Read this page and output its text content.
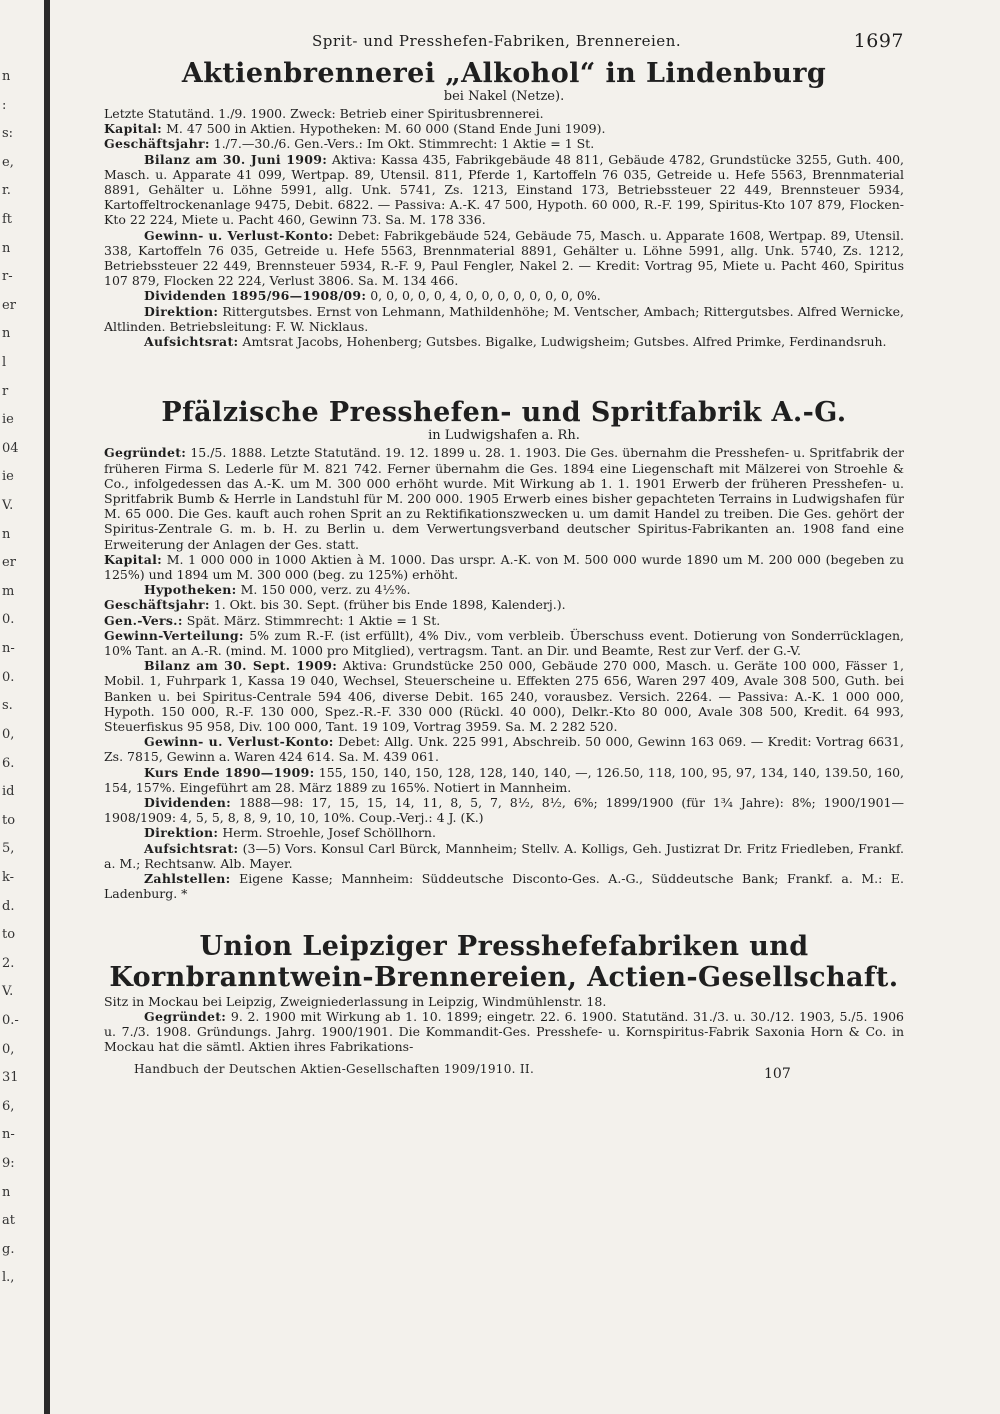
n
:
s:
e,
r.
ft
n
r-
er
n
l
r
ie
04
ie
V.
n
er
m
0.
n-
0.
s.
0,
6.
id
to
5,
k-
d.
to
2.
V.
0.-
0,
31
6,
n-
9:
n
at
g.
l.,
Sprit- und Presshefen-Fabriken, Brennereien.	1697
Aktienbrennerei „Alkohol“ in Lindenburg
bei Nakel (Netze).

Letzte Statutänd. 1./9. 1900. Zweck: Betrieb einer Spiritusbrennerei.

Kapital: M. 47 500 in Aktien. Hypotheken: M. 60 000 (Stand Ende Juni 1909).

Geschäftsjahr: 1./7.—30./6. Gen.-Vers.: Im Okt. Stimmrecht: 1 Aktie = 1 St.

Bilanz am 30. Juni 1909: Aktiva: Kassa 435, Fabrikgebäude 48 811, Gebäude 4782, Grundstücke 3255, Guth. 400, Masch. u. Apparate 41 099, Wertpap. 89, Utensil. 811, Pferde 1, Kartoffeln 76 035, Getreide u. Hefe 5563, Brennmaterial 8891, Gehälter u. Löhne 5991, allg. Unk. 5741, Zs. 1213, Einstand 173, Betriebssteuer 22 449, Brennsteuer 5934, Kartoffeltrockenanlage 9475, Debit. 6822. — Passiva: A.-K. 47 500, Hypoth. 60 000, R.-F. 199, Spiritus-Kto 107 879, Flocken-Kto 22 224, Miete u. Pacht 460, Gewinn 73. Sa. M. 178 336.

Gewinn- u. Verlust-Konto: Debet: Fabrikgebäude 524, Gebäude 75, Masch. u. Apparate 1608, Wertpap. 89, Utensil. 338, Kartoffeln 76 035, Getreide u. Hefe 5563, Brennmaterial 8891, Gehälter u. Löhne 5991, allg. Unk. 5740, Zs. 1212, Betriebssteuer 22 449, Brennsteuer 5934, R.-F. 9, Paul Fengler, Nakel 2. — Kredit: Vortrag 95, Miete u. Pacht 460, Spiritus 107 879, Flocken 22 224, Verlust 3806. Sa. M. 134 466.

Dividenden 1895/96—1908/09: 0, 0, 0, 0, 0, 4, 0, 0, 0, 0, 0, 0, 0, 0%.

Direktion: Rittergutsbes. Ernst von Lehmann, Mathildenhöhe; M. Ventscher, Ambach; Rittergutsbes. Alfred Wernicke, Altlinden. Betriebsleitung: F. W. Nicklaus.

Aufsichtsrat: Amtsrat Jacobs, Hohenberg; Gutsbes. Bigalke, Ludwigsheim; Gutsbes. Alfred Primke, Ferdinandsruh.

Pfälzische Presshefen- und Spritfabrik A.-G.
in Ludwigshafen a. Rh.

Gegründet: 15./5. 1888. Letzte Statutänd. 19. 12. 1899 u. 28. 1. 1903. Die Ges. übernahm die Presshefen- u. Spritfabrik der früheren Firma S. Lederle für M. 821 742. Ferner übernahm die Ges. 1894 eine Liegenschaft mit Mälzerei von Stroehle & Co., infolgedessen das A.-K. um M. 300 000 erhöht wurde. Mit Wirkung ab 1. 1. 1901 Erwerb der früheren Presshefen- u. Spritfabrik Bumb & Herrle in Landstuhl für M. 200 000. 1905 Erwerb eines bisher gepachteten Terrains in Ludwigshafen für M. 65 000. Die Ges. kauft auch rohen Sprit an zu Rektifikationszwecken u. um damit Handel zu treiben. Die Ges. gehört der Spiritus-Zentrale G. m. b. H. zu Berlin u. dem Verwertungsverband deutscher Spiritus-Fabrikanten an. 1908 fand eine Erweiterung der Anlagen der Ges. statt.

Kapital: M. 1 000 000 in 1000 Aktien à M. 1000. Das urspr. A.-K. von M. 500 000 wurde 1890 um M. 200 000 (begeben zu 125%) und 1894 um M. 300 000 (beg. zu 125%) erhöht.

Hypotheken: M. 150 000, verz. zu 4½%.

Geschäftsjahr: 1. Okt. bis 30. Sept. (früher bis Ende 1898, Kalenderj.).

Gen.-Vers.: Spät. März. Stimmrecht: 1 Aktie = 1 St.

Gewinn-Verteilung: 5% zum R.-F. (ist erfüllt), 4% Div., vom verbleib. Überschuss event. Dotierung von Sonderrücklagen, 10% Tant. an A.-R. (mind. M. 1000 pro Mitglied), vertragsm. Tant. an Dir. und Beamte, Rest zur Verf. der G.-V.

Bilanz am 30. Sept. 1909: Aktiva: Grundstücke 250 000, Gebäude 270 000, Masch. u. Geräte 100 000, Fässer 1, Mobil. 1, Fuhrpark 1, Kassa 19 040, Wechsel, Steuerscheine u. Effekten 275 656, Waren 297 409, Avale 308 500, Guth. bei Banken u. bei Spiritus-Centrale 594 406, diverse Debit. 165 240, vorausbez. Versich. 2264. — Passiva: A.-K. 1 000 000, Hypoth. 150 000, R.-F. 130 000, Spez.-R.-F. 330 000 (Rückl. 40 000), Delkr.-Kto 80 000, Avale 308 500, Kredit. 64 993, Steuerfiskus 95 958, Div. 100 000, Tant. 19 109, Vortrag 3959. Sa. M. 2 282 520.

Gewinn- u. Verlust-Konto: Debet: Allg. Unk. 225 991, Abschreib. 50 000, Gewinn 163 069. — Kredit: Vortrag 6631, Zs. 7815, Gewinn a. Waren 424 614. Sa. M. 439 061.

Kurs Ende 1890—1909: 155, 150, 140, 150, 128, 128, 140, 140, —, 126.50, 118, 100, 95, 97, 134, 140, 139.50, 160, 154, 157%. Eingeführt am 28. März 1889 zu 165%. Notiert in Mannheim.

Dividenden: 1888—98: 17, 15, 15, 14, 11, 8, 5, 7, 8½, 8½, 6%; 1899/1900 (für 1¾ Jahre): 8%; 1900/1901—1908/1909: 4, 5, 5, 8, 8, 9, 10, 10, 10%. Coup.-Verj.: 4 J. (K.)

Direktion: Herm. Stroehle, Josef Schöllhorn.

Aufsichtsrat: (3—5) Vors. Konsul Carl Bürck, Mannheim; Stellv. A. Kolligs, Geh. Justizrat Dr. Fritz Friedleben, Frankf. a. M.; Rechtsanw. Alb. Mayer.

Zahlstellen: Eigene Kasse; Mannheim: Süddeutsche Disconto-Ges. A.-G., Süddeutsche Bank; Frankf. a. M.: E. Ladenburg. *

Union Leipziger Presshefefabriken und Kornbranntwein-Brennereien, Actien-Gesellschaft.

Sitz in Mockau bei Leipzig, Zweigniederlassung in Leipzig, Windmühlenstr. 18.

Gegründet: 9. 2. 1900 mit Wirkung ab 1. 10. 1899; eingetr. 22. 6. 1900. Statutänd. 31./3. u. 30./12. 1903, 5./5. 1906 u. 7./3. 1908. Gründungs. Jahrg. 1900/1901. Die Kommandit-Ges. Presshefe- u. Kornspiritus-Fabrik Saxonia Horn & Co. in Mockau hat die sämtl. Aktien ihres Fabrikations-

Handbuch der Deutschen Aktien-Gesellschaften 1909/1910. II.	107
